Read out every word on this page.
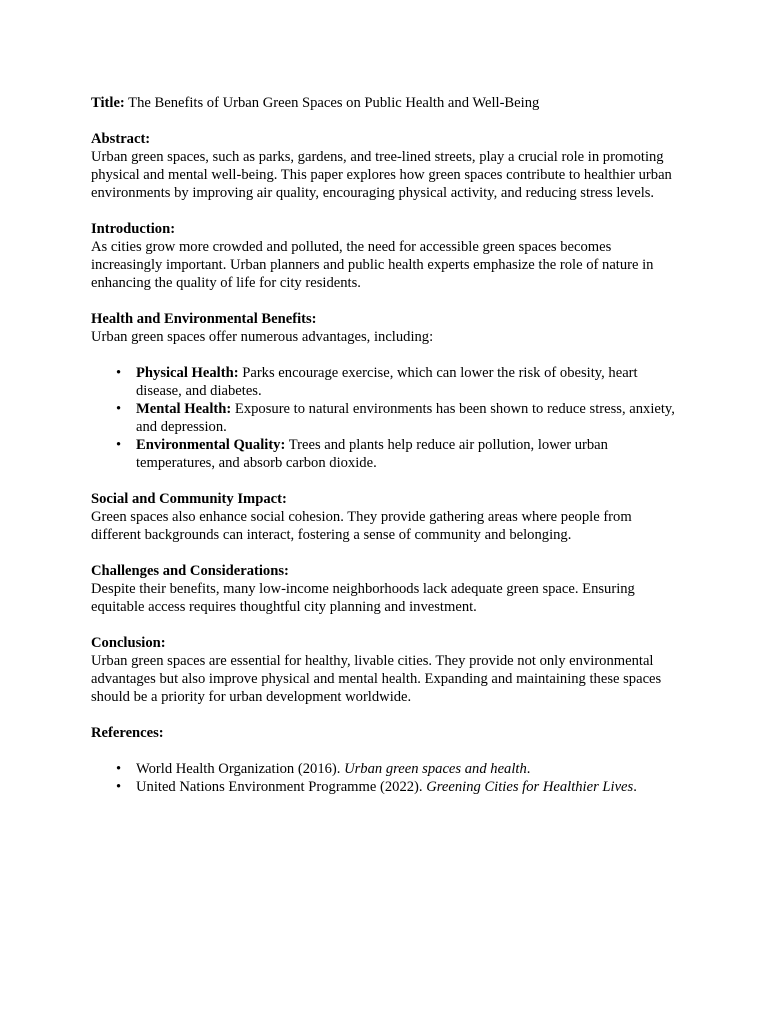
Title: The Benefits of Urban Green Spaces on Public Health and Well-Being

Abstract:

Urban green spaces, such as parks, gardens, and tree-lined streets, play a crucial role in promoting physical and mental well-being. This paper explores how green spaces contribute to healthier urban environments by improving air quality, encouraging physical activity, and reducing stress levels.

Introduction:

As cities grow more crowded and polluted, the need for accessible green spaces becomes increasingly important. Urban planners and public health experts emphasize the role of nature in enhancing the quality of life for city residents.

Health and Environmental Benefits:

Urban green spaces offer numerous advantages, including:

• Physical Health: Parks encourage exercise, which can lower the risk of obesity, heart disease, and diabetes.
• Mental Health: Exposure to natural environments has been shown to reduce stress, anxiety, and depression.
• Environmental Quality: Trees and plants help reduce air pollution, lower urban temperatures, and absorb carbon dioxide.

Social and Community Impact:

Green spaces also enhance social cohesion. They provide gathering areas where people from different backgrounds can interact, fostering a sense of community and belonging.

Challenges and Considerations:

Despite their benefits, many low-income neighborhoods lack adequate green space. Ensuring equitable access requires thoughtful city planning and investment.

Conclusion:

Urban green spaces are essential for healthy, livable cities. They provide not only environmental advantages but also improve physical and mental health. Expanding and maintaining these spaces should be a priority for urban development worldwide.

References:

• World Health Organization (2016). Urban green spaces and health.
• United Nations Environment Programme (2022). Greening Cities for Healthier Lives.
